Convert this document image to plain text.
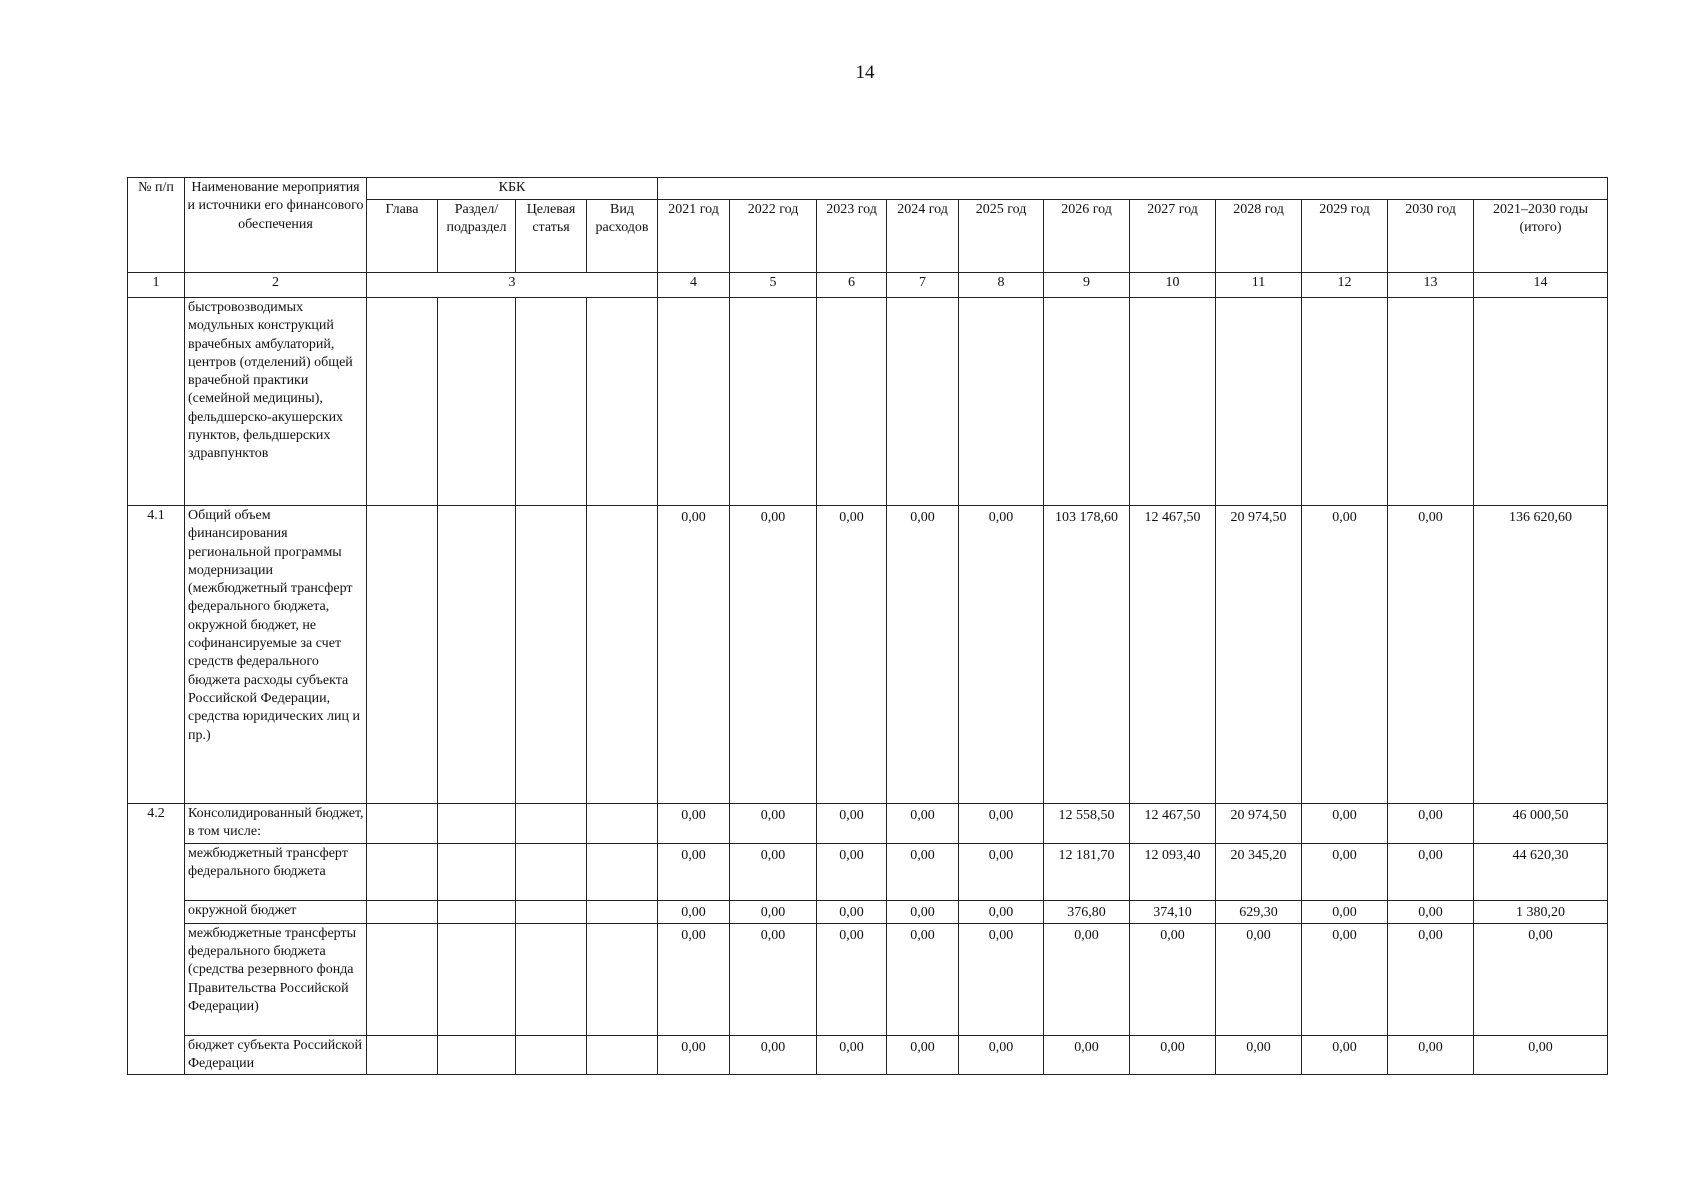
14
№ п/п	Наименование мероприятия и источники его финансового обеспечения	КБК														
		Глава	Раздел/ подраздел	Целевая статья	Вид расходов	2021 год	2022 год	2023 год	2024 год	2025 год	2026 год	2027 год	2028 год	2029 год	2030 год	2021–2030 годы (итого)
1	2	3				4	5	6	7	8	9	10	11	12	13	14
	быстровозводимых модульных конструкций врачебных амбулаторий, центров (отделений) общей врачебной практики (семейной медицины), фельдшерско-акушерских пунктов, фельдшерских здравпунктов															
4.1	Общий объем финансирования региональной программы модернизации (межбюджетный трансферт федерального бюджета, окружной бюджет, не софинансируемые за счет средств федерального бюджета расходы субъекта Российской Федерации, средства юридических лиц и пр.)					0,00	0,00	0,00	0,00	0,00	103 178,60	12 467,50	20 974,50	0,00	0,00	136 620,60
4.2	Консолидированный бюджет, в том числе:					0,00	0,00	0,00	0,00	0,00	12 558,50	12 467,50	20 974,50	0,00	0,00	46 000,50
	межбюджетный трансферт федерального бюджета					0,00	0,00	0,00	0,00	0,00	12 181,70	12 093,40	20 345,20	0,00	0,00	44 620,30
	окружной бюджет					0,00	0,00	0,00	0,00	0,00	376,80	374,10	629,30	0,00	0,00	1 380,20
	межбюджетные трансферты федерального бюджета (средства резервного фонда Правительства Российской Федерации)					0,00	0,00	0,00	0,00	0,00	0,00	0,00	0,00	0,00	0,00	0,00
	бюджет субъекта Российской Федерации					0,00	0,00	0,00	0,00	0,00	0,00	0,00	0,00	0,00	0,00	0,00
